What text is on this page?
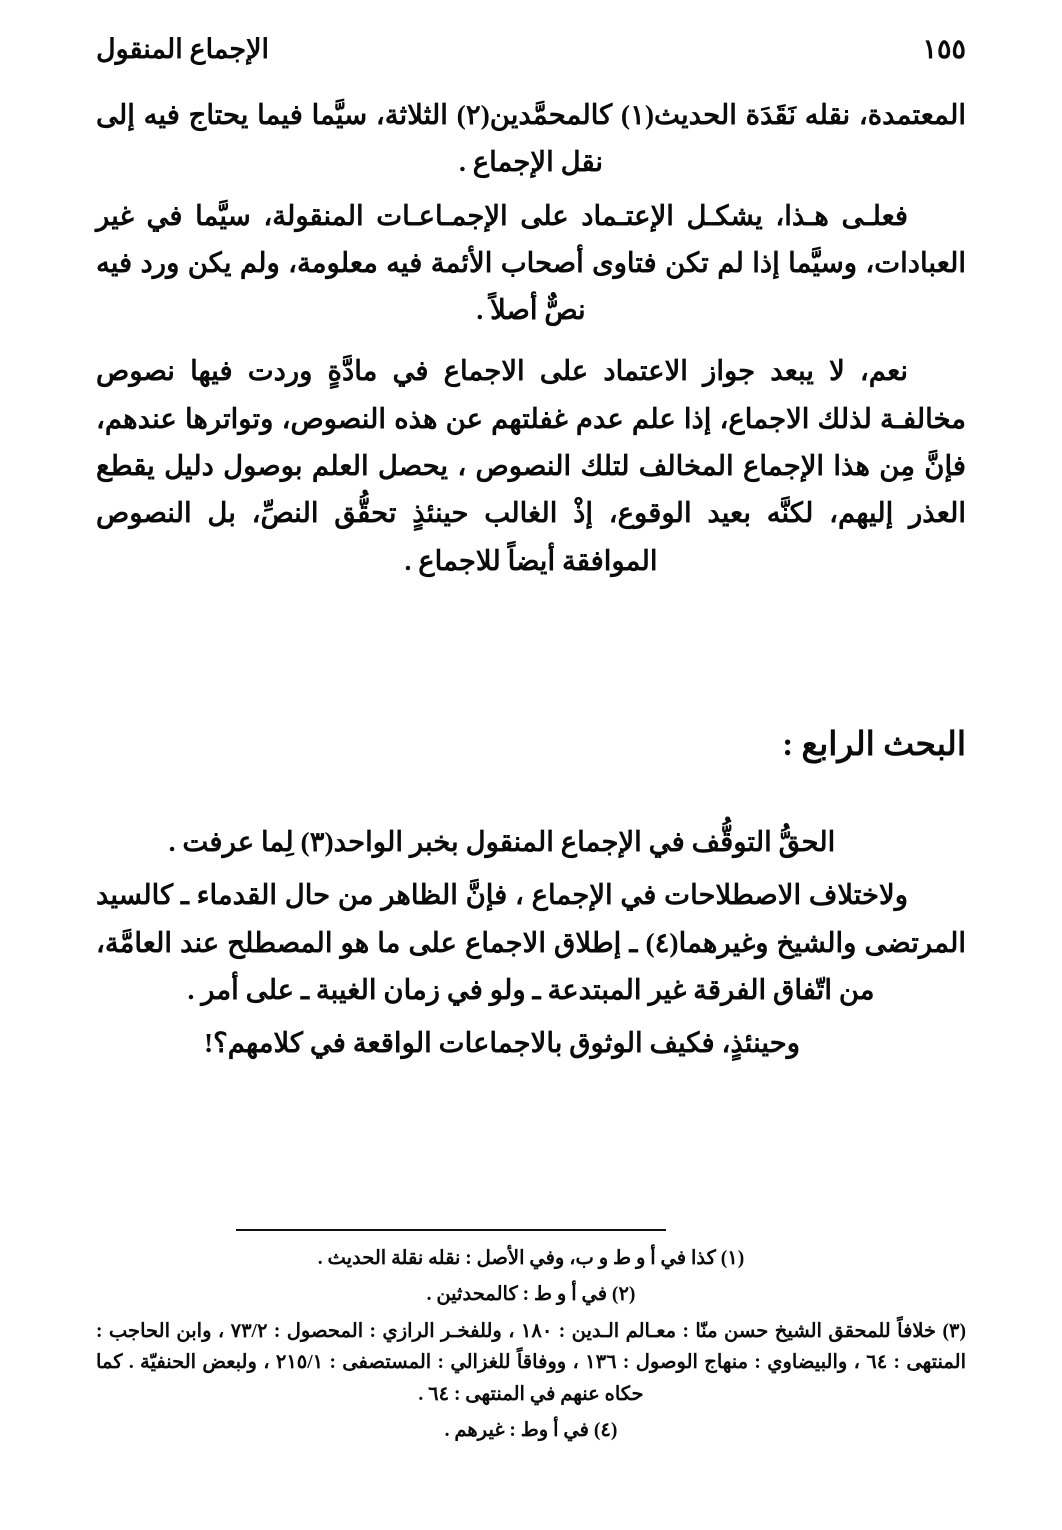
الإجماع المنقول	١٥٥

المعتمدة، نقله نَقَدَة الحديث(١) كالمحمَّدين(٢) الثلاثة، سيَّما فيما يحتاج فيه إلى نقل الإجماع .

فعلـى هـذا، يشكـل الإعتـماد على الإجمـاعـات المنقولة، سيَّما في غير العبادات، وسيَّما إذا لم تكن فتاوى أصحاب الأئمة فيه معلومة، ولم يكن ورد فيه نصٌّ أصلاً .

نعم، لا يبعد جواز الاعتماد على الاجماع في مادَّةٍ وردت فيها نصوص مخالفـة لذلك الاجماع، إذا علم عدم غفلتهم عن هذه النصوص، وتواترها عندهم، فإنَّ مِن هذا الإجماع المخالف لتلك النصوص ، يحصل العلم بوصول دليل يقطع العذر إليهم، لكنَّه بعيد الوقوع، إذْ الغالب حينئذٍ تحقُّق النصِّ، بل النصوص الموافقة أيضاً للاجماع .

البحث الرابع :

الحقُّ التوقُّف في الإجماع المنقول بخبر الواحد(٣) لِما عرفت .

ولاختلاف الاصطلاحات في الإجماع ، فإنَّ الظاهر من حال القدماء ـ كالسيد المرتضى والشيخ وغيرهما(٤) ـ إطلاق الاجماع على ما هو المصطلح عند العامَّة، من اتّفاق الفرقة غير المبتدعة ـ ولو في زمان الغيبة ـ على أمر .

وحينئذٍ، فكيف الوثوق بالاجماعات الواقعة في كلامهم؟!

(١) كذا في أ و ط و ب، وفي الأصل : نقله نقلة الحديث .

(٢) في أ و ط : كالمحدثين .

(٣) خلافاً للمحقق الشيخ حسن منّا : معـالم الـدين : ١٨٠ ، وللفخـر الرازي : المحصول : ٧٣/٢ ، وابن الحاجب : المنتهى : ٦٤ ، والبيضاوي : منهاج الوصول : ١٣٦ ، ووفاقاً للغزالي : المستصفى : ٢١٥/١ ، ولبعض الحنفيّة . كما حكاه عنهم في المنتهى : ٦٤ .

(٤) في أ وط : غيرهم .
